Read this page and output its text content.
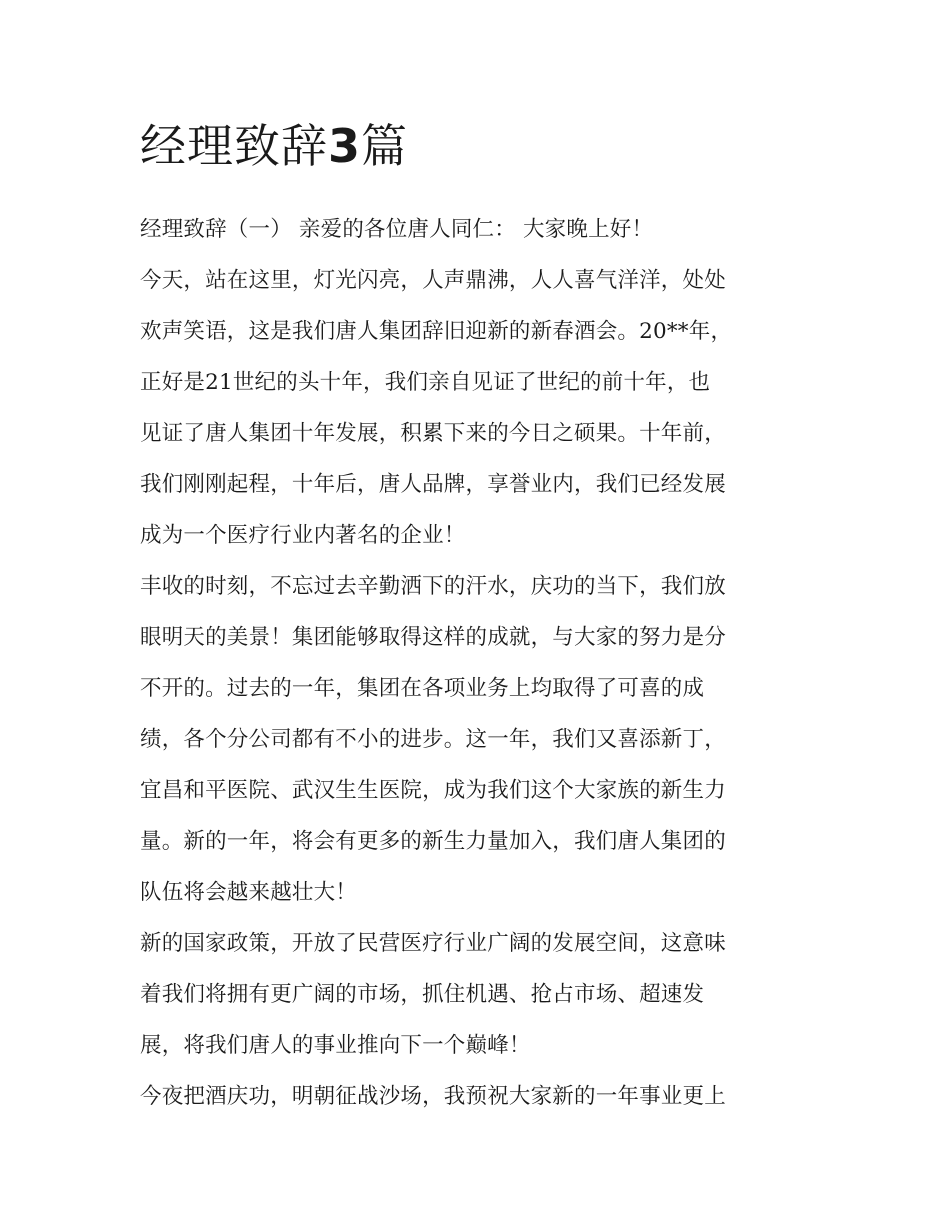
经理致辞3篇
经理致辞（一） 亲爱的各位唐人同仁： 大家晚上好！
今天，站在这里，灯光闪亮，人声鼎沸，人人喜气洋洋，处处
欢声笑语，这是我们唐人集团辞旧迎新的新春酒会。20**年，
正好是21世纪的头十年，我们亲自见证了世纪的前十年，也
见证了唐人集团十年发展，积累下来的今日之硕果。十年前，
我们刚刚起程，十年后，唐人品牌，享誉业内，我们已经发展
成为一个医疗行业内著名的企业！
丰收的时刻，不忘过去辛勤洒下的汗水，庆功的当下，我们放
眼明天的美景！集团能够取得这样的成就，与大家的努力是分
不开的。过去的一年，集团在各项业务上均取得了可喜的成
绩，各个分公司都有不小的进步。这一年，我们又喜添新丁，
宜昌和平医院、武汉生生医院，成为我们这个大家族的新生力
量。新的一年，将会有更多的新生力量加入，我们唐人集团的
队伍将会越来越壮大！
新的国家政策，开放了民营医疗行业广阔的发展空间，这意味
着我们将拥有更广阔的市场，抓住机遇、抢占市场、超速发
展，将我们唐人的事业推向下一个巅峰！
今夜把酒庆功，明朝征战沙场，我预祝大家新的一年事业更上
